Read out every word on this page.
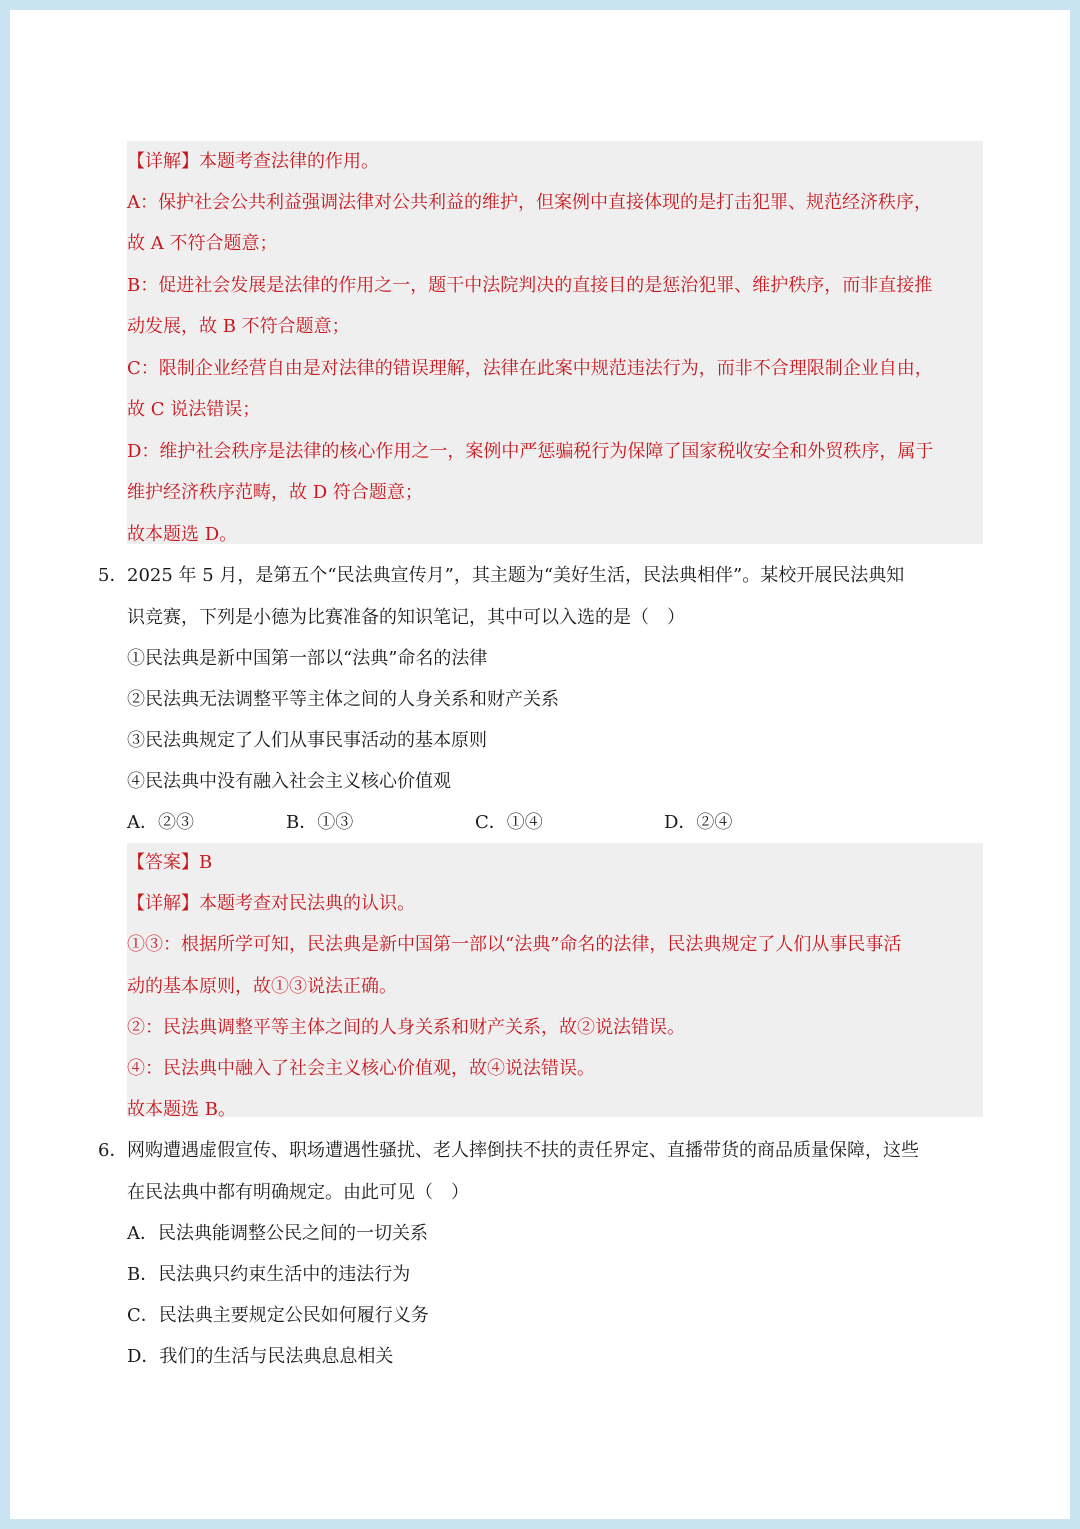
【详解】本题考查法律的作用。
A：保护社会公共利益强调法律对公共利益的维护，但案例中直接体现的是打击犯罪、规范经济秩序，
故 A 不符合题意；
B：促进社会发展是法律的作用之一，题干中法院判决的直接目的是惩治犯罪、维护秩序，而非直接推
动发展，故 B 不符合题意；
C：限制企业经营自由是对法律的错误理解，法律在此案中规范违法行为，而非不合理限制企业自由，
故 C 说法错误；
D：维护社会秩序是法律的核心作用之一，案例中严惩骗税行为保障了国家税收安全和外贸秩序，属于
维护经济秩序范畴，故 D 符合题意；
故本题选 D。
5． 2025 年 5 月，是第五个“民法典宣传月”，其主题为“美好生活，民法典相伴”。某校开展民法典知
识竞赛，下列是小德为比赛准备的知识笔记，其中可以入选的是（　）
①民法典是新中国第一部以“法典”命名的法律
②民法典无法调整平等主体之间的人身关系和财产关系
③民法典规定了人们从事民事活动的基本原则
④民法典中没有融入社会主义核心价值观
A．②③	B．①③	C．①④	D．②④
【答案】B
【详解】本题考查对民法典的认识。
①③：根据所学可知，民法典是新中国第一部以“法典”命名的法律，民法典规定了人们从事民事活
动的基本原则，故①③说法正确。
②：民法典调整平等主体之间的人身关系和财产关系，故②说法错误。
④：民法典中融入了社会主义核心价值观，故④说法错误。
故本题选 B。
6． 网购遭遇虚假宣传、职场遭遇性骚扰、老人摔倒扶不扶的责任界定、直播带货的商品质量保障，这些
在民法典中都有明确规定。由此可见（　）
A．民法典能调整公民之间的一切关系
B．民法典只约束生活中的违法行为
C．民法典主要规定公民如何履行义务
D．我们的生活与民法典息息相关
